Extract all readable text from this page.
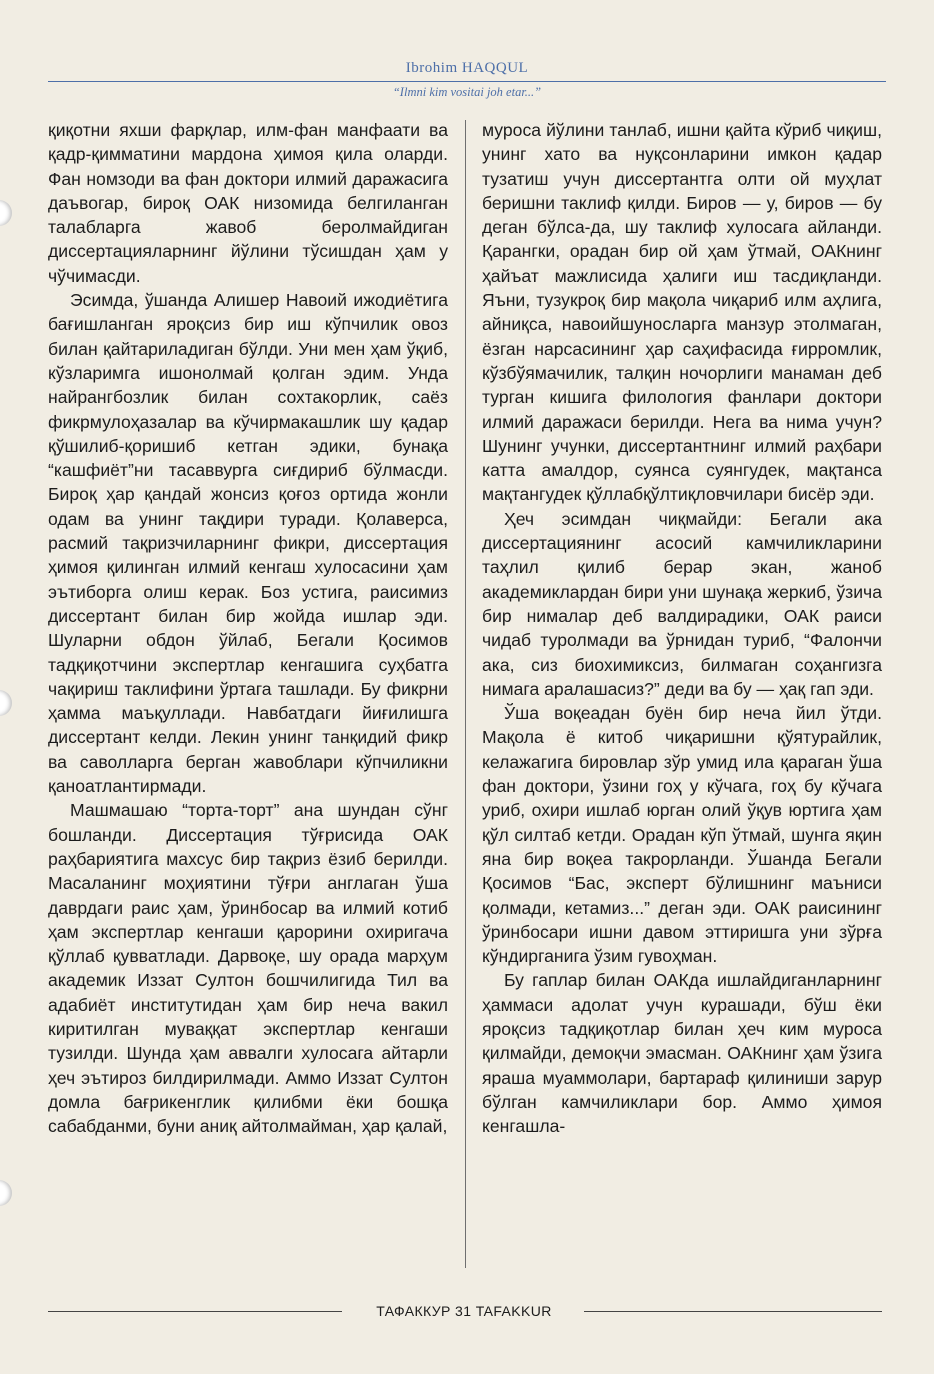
Ibrohim HAQQUL
“Ilmni kim vositai joh etar...”

қиқотни яхши фарқлар, илм-фан манфаати ва қадр-қимматини мардона ҳимоя қила оларди. Фан номзоди ва фан доктори илмий даражасига даъвогар, бироқ ОАК низомида белгиланган талабларга жавоб беролмайдиган диссертацияларнинг йўлини тўсишдан ҳам у чўчимасди.

Эсимда, ўшанда Алишер Навоий ижодиётига бағишланган яроқсиз бир иш кўпчилик овоз билан қайтариладиган бўлди. Уни мен ҳам ўқиб, кўзларимга ишонолмай қолган эдим. Унда найрангбозлик билан сохтакорлик, саёз фикрмулоҳазалар ва кўчирмакашлик шу қадар қўшилиб-қоришиб кетган эдики, бунақа “кашфиёт”ни тасаввурга сиғдириб бўлмасди. Бироқ ҳар қандай жонсиз қоғоз ортида жонли одам ва унинг тақдири туради. Қолаверса, расмий тақризчиларнинг фикри, диссертация ҳимоя қилинган илмий кенгаш хулосасини ҳам эътиборга олиш керак. Боз устига, раисимиз диссертант билан бир жойда ишлар эди. Шуларни обдон ўйлаб, Бегали Қосимов тадқиқотчини экспертлар кенгашига суҳбатга чақириш таклифини ўртага ташлади. Бу фикрни ҳамма маъқуллади. Навбатдаги йиғилишга диссертант келди. Лекин унинг танқидий фикр ва саволларга берган жавоблари кўпчиликни қаноатлантирмади.

Машмашаю “торта-торт” ана шундан сўнг бошланди. Диссертация тўғрисида ОАК раҳбариятига махсус бир тақриз ёзиб берилди. Масаланинг моҳиятини тўғри англаган ўша даврдаги раис ҳам, ўринбосар ва илмий котиб ҳам экспертлар кенгаши қарорини охиригача қўллаб қувватлади. Дарвоқе, шу орада марҳум академик Иззат Султон бошчилигида Тил ва адабиёт институтидан ҳам бир неча вакил киритилган муваққат экспертлар кенгаши тузилди. Шунда ҳам аввалги хулосага айтарли ҳеч эътироз билдирилмади. Аммо Иззат Султон домла бағрикенглик қилибми ёки бошқа сабабданми, буни аниқ айтолмайман, ҳар қалай,

муроса йўлини танлаб, ишни қайта кўриб чиқиш, унинг хато ва нуқсонларини имкон қадар тузатиш учун диссертантга олти ой муҳлат беришни таклиф қилди. Биров — у, биров — бу деган бўлса-да, шу таклиф хулосага айланди. Қарангки, орадан бир ой ҳам ўтмай, ОАКнинг ҳайъат мажлисида ҳалиги иш тасдиқланди. Яъни, тузукроқ бир мақола чиқариб илм аҳлига, айниқса, навоийшуносларга манзур этолмаган, ёзган нарсасининг ҳар саҳифасида ғирромлик, кўзбўямачилик, талқин ночорлиги манаман деб турган кишига филология фанлари доктори илмий даражаси берилди. Нега ва нима учун? Шунинг учунки, диссертантнинг илмий раҳбари катта амалдор, суянса суянгудек, мақтанса мақтангудек қўллабқўлтиқловчилари бисёр эди.

Ҳеч эсимдан чиқмайди: Бегали ака диссертациянинг асосий камчиликларини таҳлил қилиб берар экан, жаноб академиклардан бири уни шунақа жеркиб, ўзича бир нималар деб валдирадики, ОАК раиси чидаб туролмади ва ўрнидан туриб, “Фалончи ака, сиз биохимиксиз, билмаган соҳангизга нимага аралашасиз?” деди ва бу — ҳақ гап эди.

Ўша воқеадан буён бир неча йил ўтди. Мақола ё китоб чиқаришни қўятурайлик, келажагига бировлар зўр умид ила қараган ўша фан доктори, ўзини гоҳ у кўчага, гоҳ бу кўчага уриб, охири ишлаб юрган олий ўқув юртига ҳам қўл силтаб кетди. Орадан кўп ўтмай, шунга яқин яна бир воқеа такрорланди. Ўшанда Бегали Қосимов “Бас, эксперт бўлишнинг маъниси қолмади, кетамиз...” деган эди. ОАК раисининг ўринбосари ишни давом эттиришга уни зўрға кўндирганига ўзим гувоҳман.

Бу гаплар билан ОАКда ишлайдиганларнинг ҳаммаси адолат учун курашади, бўш ёки яроқсиз тадқиқотлар билан ҳеч ким муроса қилмайди, демоқчи эмасман. ОАКнинг ҳам ўзига яраша муаммолари, бартараф қилиниши зарур бўлган камчиликлари бор. Аммо ҳимоя кенгашла-

ТАФАККУР 31 TAFAKKUR
